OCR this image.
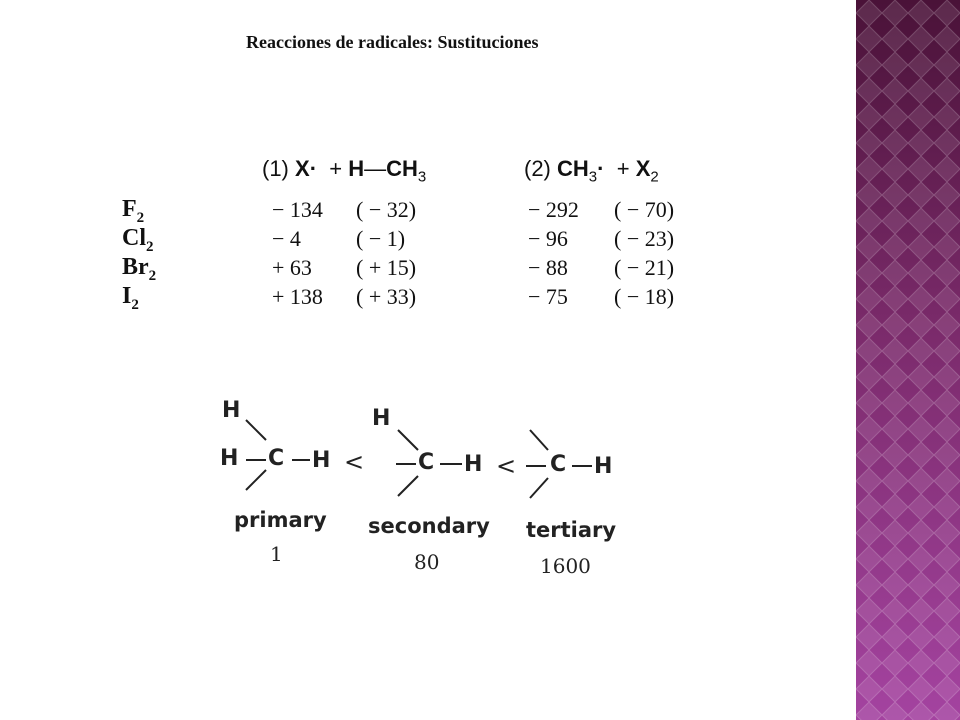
Reacciones de radicales: Sustituciones
(1) $X\cdot + H—CH_3$	(2) $CH_3\cdot + X_2$
$F_2$	− 134 ( − 32)	− 292 ( − 70)
$Cl_2$	− 4	( − 1)	− 96 ( − 23)
$Br_2$	+ 63 ( + 15)	− 88 ( − 21)
$I_2$	+ 138 ( + 33)	− 75 ( − 18)
H
H C H <
H
C H < C H
primary
1
secondary
80
tertiary
1600
